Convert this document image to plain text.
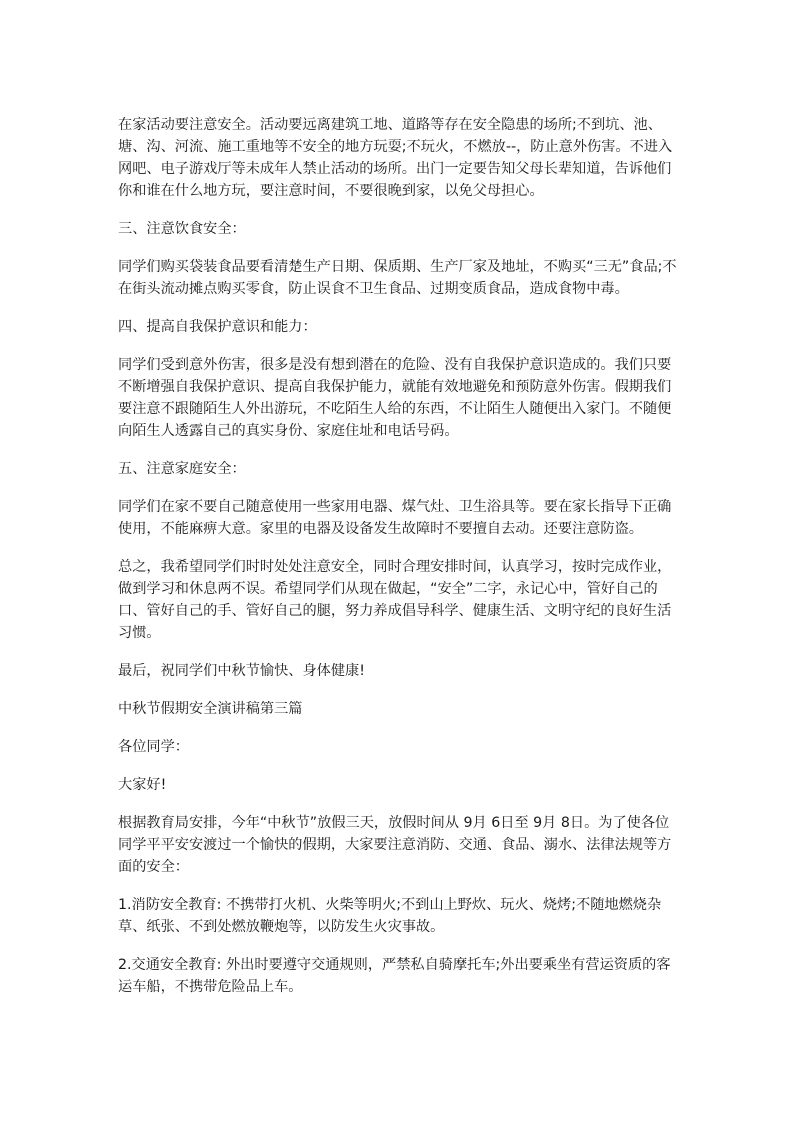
在家活动要注意安全。活动要远离建筑工地、道路等存在安全隐患的场所;不到坑、池、塘、沟、河流、施工重地等不安全的地方玩耍;不玩火，不燃放--，防止意外伤害。不进入网吧、电子游戏厅等未成年人禁止活动的场所。出门一定要告知父母长辈知道，告诉他们你和谁在什么地方玩，要注意时间，不要很晚到家，以免父母担心。

三、注意饮食安全：

同学们购买袋装食品要看清楚生产日期、保质期、生产厂家及地址，不购买“三无”食品;不在街头流动摊点购买零食，防止误食不卫生食品、过期变质食品，造成食物中毒。

四、提高自我保护意识和能力：

同学们受到意外伤害，很多是没有想到潜在的危险、没有自我保护意识造成的。我们只要不断增强自我保护意识、提高自我保护能力，就能有效地避免和预防意外伤害。假期我们要注意不跟随陌生人外出游玩，不吃陌生人给的东西，不让陌生人随便出入家门。不随便向陌生人透露自己的真实身份、家庭住址和电话号码。

五、注意家庭安全：

同学们在家不要自己随意使用一些家用电器、煤气灶、卫生浴具等。要在家长指导下正确使用，不能麻痹大意。家里的电器及设备发生故障时不要擅自去动。还要注意防盗。

总之，我希望同学们时时处处注意安全，同时合理安排时间，认真学习，按时完成作业，做到学习和休息两不误。希望同学们从现在做起，“安全”二字，永记心中，管好自己的口、管好自己的手、管好自己的腿，努力养成倡导科学、健康生活、文明守纪的良好生活习惯。

最后，祝同学们中秋节愉快、身体健康!

中秋节假期安全演讲稿第三篇

各位同学：

大家好!

根据教育局安排，今年“中秋节”放假三天，放假时间从 9月 6日至 9月 8日。为了使各位同学平平安安渡过一个愉快的假期，大家要注意消防、交通、食品、溺水、法律法规等方面的安全：

1.消防安全教育: 不携带打火机、火柴等明火;不到山上野炊、玩火、烧烤;不随地燃烧杂草、纸张、不到处燃放鞭炮等，以防发生火灾事故。

2.交通安全教育: 外出时要遵守交通规则，严禁私自骑摩托车;外出要乘坐有营运资质的客运车船，不携带危险品上车。
